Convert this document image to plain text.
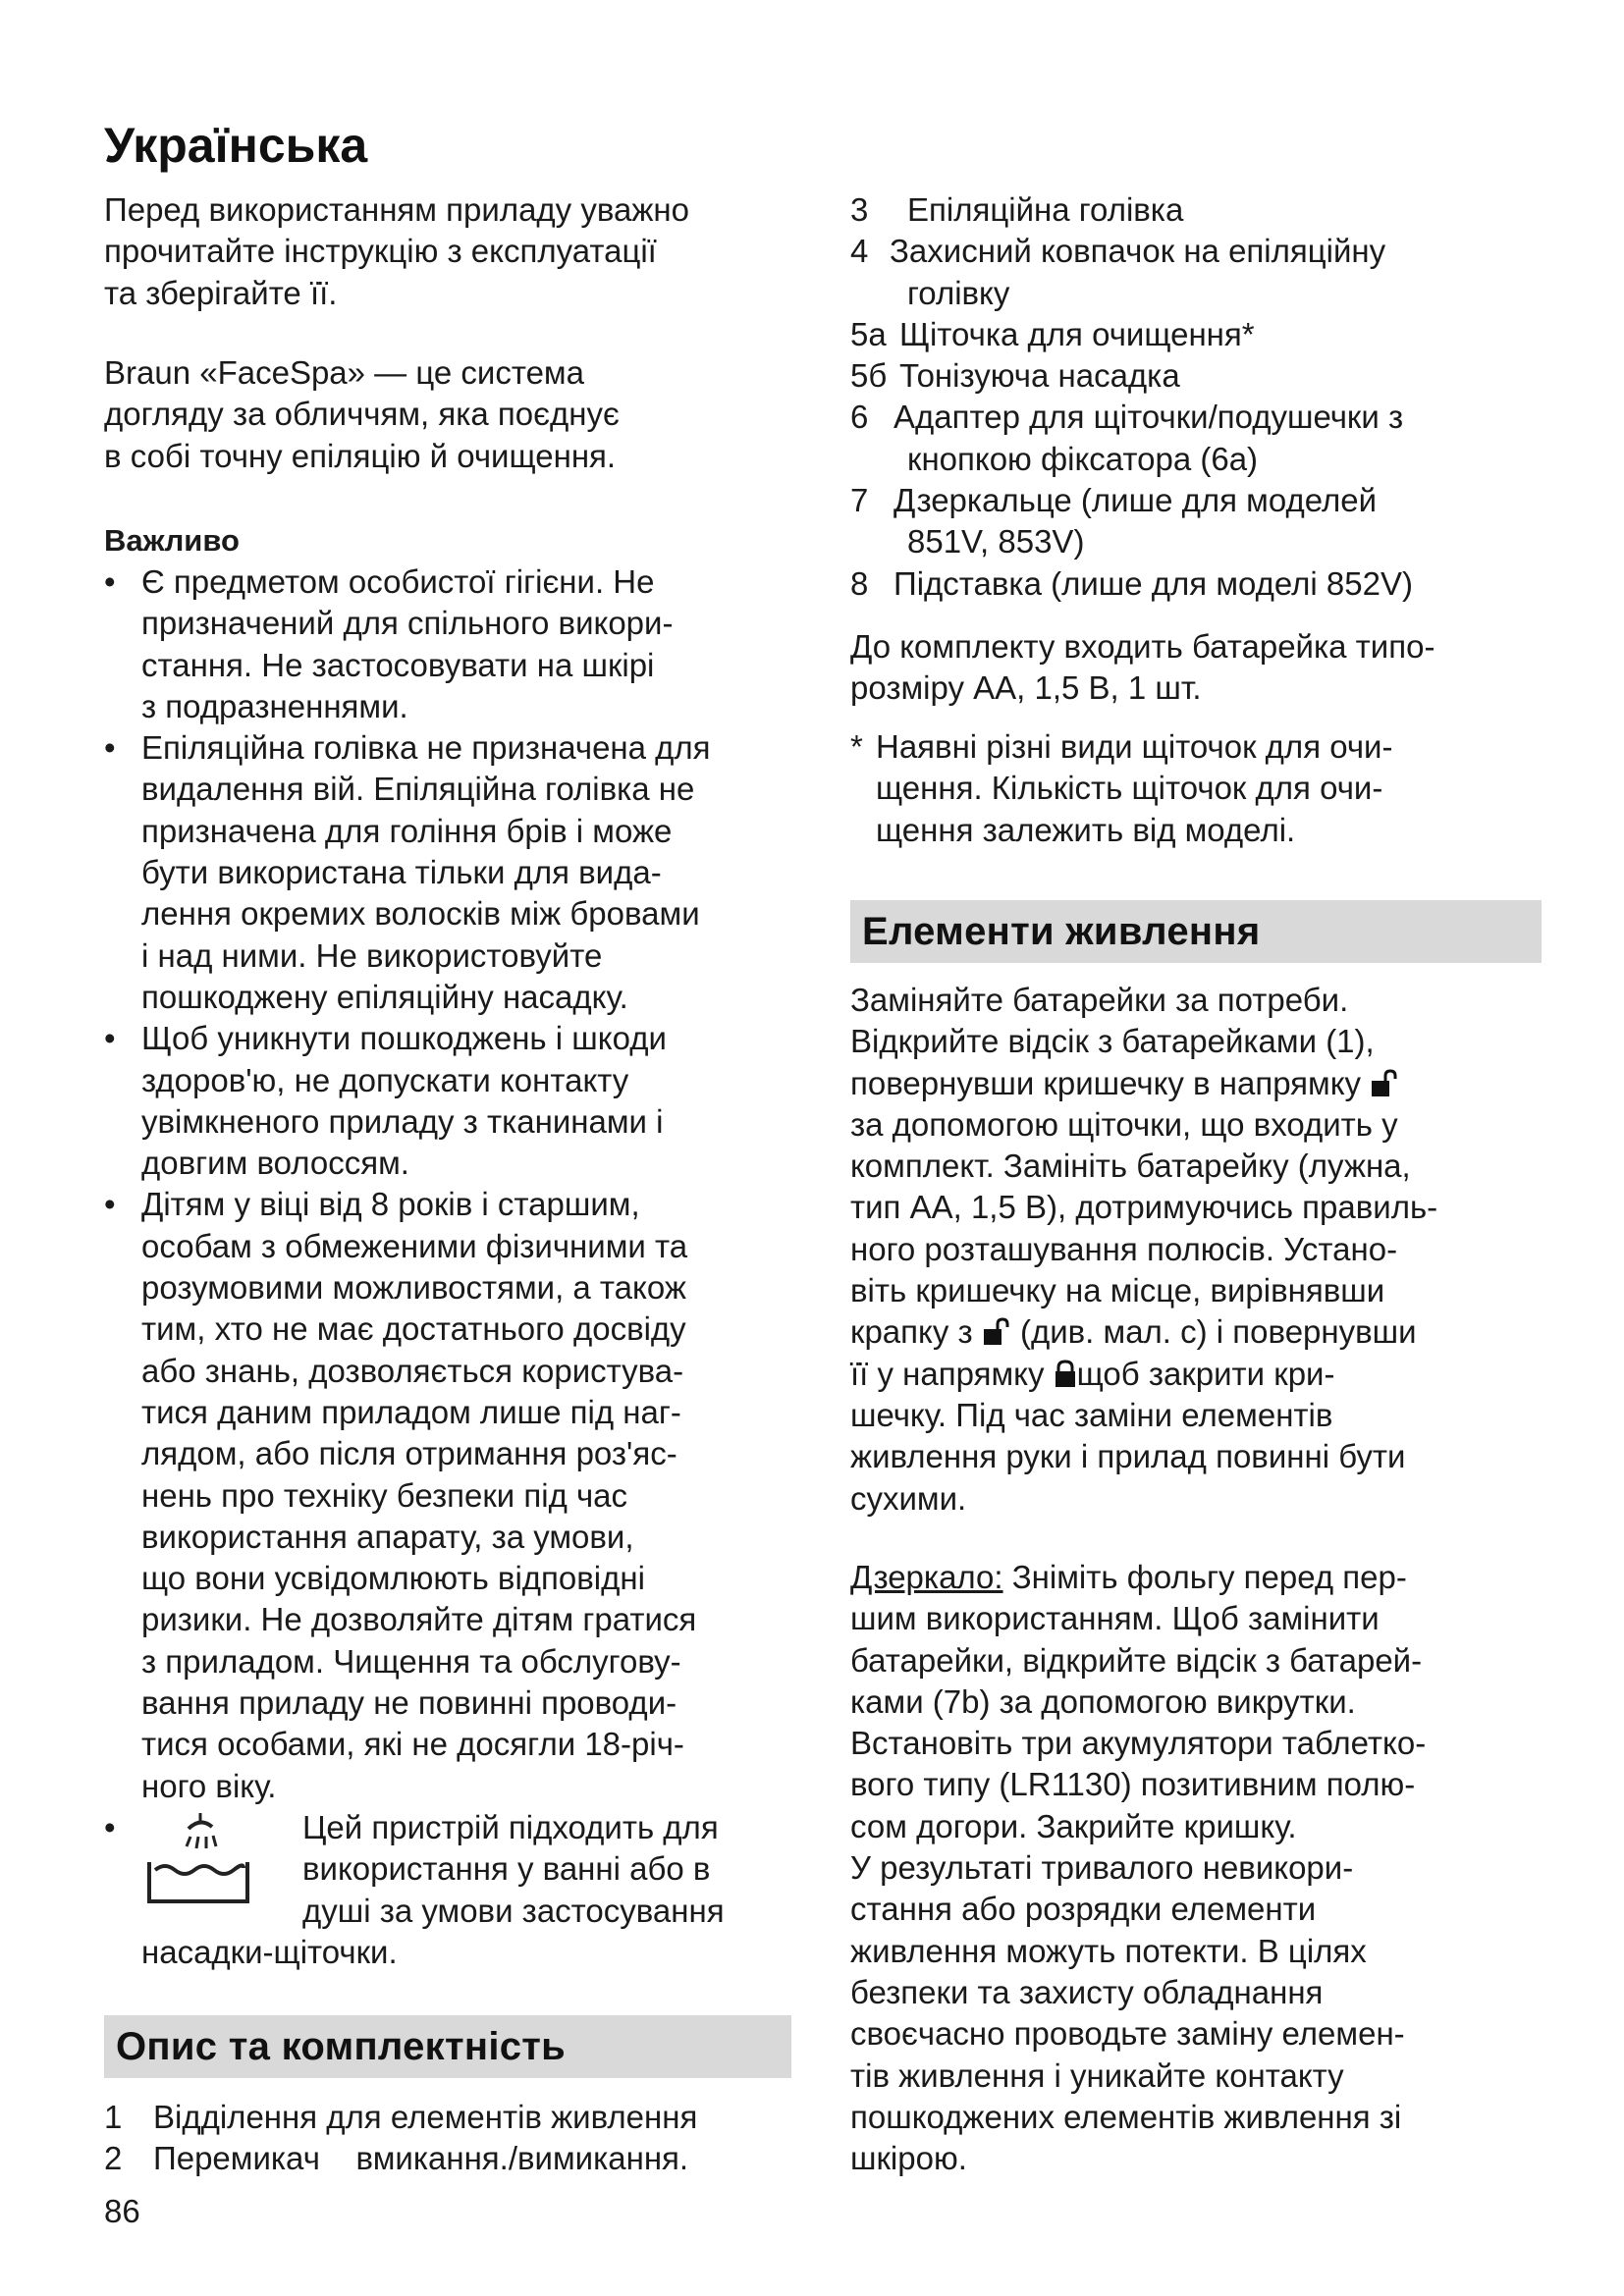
Українська
Перед використанням приладу уважно
прочитайте інструкцію з експлуатації
та зберігайте її.
Braun «FaceSpa» — це система
догляду за обличчям, яка поєднує
в собі точну епіляцію й очищення.

Важливо

• Є предметом особистої гігієни. Не
призначений для спільного викори-
стання. Не застосовувати на шкірі
з подразненнями.
• Епіляційна голівка не призначена для
видалення вій. Епіляційна голівка не
призначена для гоління брів і може
бути використана тільки для вида-
лення окремих волосків між бровами
і над ними. Не використовуйте
пошкоджену епіляційну насадку.
• Щоб уникнути пошкоджень і шкоди
здоров'ю, не допускати контакту
увімкненого приладу з тканинами і
довгим волоссям.
• Дітям у віці від 8 років і старшим,
особам з обмеженими фізичними та
розумовими можливостями, а також
тим, хто не має достатнього досвіду
або знань, дозволяється користува-
тися даним приладом лише під наг-
лядом, або після отримання роз'яс-
нень про техніку безпеки під час
використання апарату, за умови,
що вони усвідомлюють відповідні
ризики. Не дозволяйте дітям гратися
з приладом. Чищення та обслугову-
вання приладу не повинні проводи-
тися особами, які не досягли 18-річ-
ного віку.
•	Цей пристрій підходить для
використання у ванні або в
душі за умови застосування
насадки-щіточки.
Опис та комплектність
1 Відділення для елементів живлення
2 Перемикач    вмикання./вимикання.
86
3 Епіляційна голівка
4 Захисний ковпачок на епіляційну
голівку
5a Щіточка для очищення*
5б Тонізуюча насадка
6 Адаптер для щіточки/подушечки з
кнопкою фіксатора (6a)
7 Дзеркальце (лише для моделей
851V, 853V)
8 Підставка (лише для моделі 852V)
До комплекту входить батарейка типо-
розміру AA, 1,5 В, 1 шт.
* Наявні різні види щіточок для очи-
щення. Кількість щіточок для очи-
щення залежить від моделі.
Елементи живлення
Заміняйте батарейки за потреби.
Відкрийте відсік з батарейками (1),
повернувши кришечку в напрямку
за допомогою щіточки, що входить у
комплект. Замініть батарейку (лужна,
тип AA, 1,5 В), дотримуючись правиль-
ного розташування полюсів. Устано-
віть кришечку на місце, вирівнявши
крапку з (див. мал. c) і повернувши
її у напрямку щоб закрити кри-
шечку. Під час заміни елементів
живлення руки і прилад повинні бути
сухими.
Дзеркало: Зніміть фольгу перед пер-
шим використанням. Щоб замінити
батарейки, відкрийте відсік з батарей-
ками (7b) за допомогою викрутки.
Встановіть три акумулятори таблетко-
вого типу (LR1130) позитивним полю-
сом догори. Закрийте кришку.
У результаті тривалого невикори-
стання або розрядки елементи
живлення можуть потекти. В цілях
безпеки та захисту обладнання
своєчасно проводьте заміну елемен-
тів живлення і уникайте контакту
пошкоджених елементів живлення зі
шкірою.
